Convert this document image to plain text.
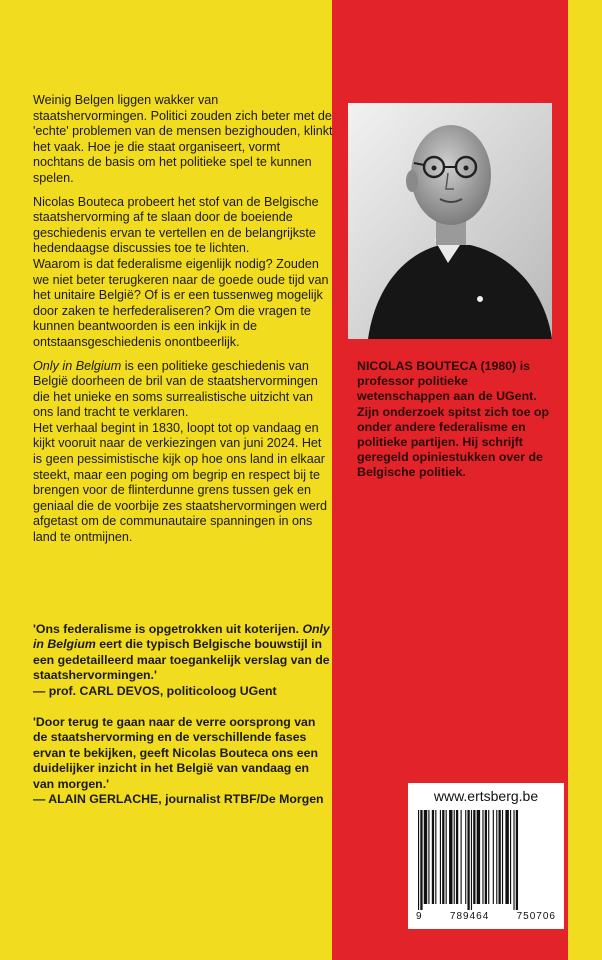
Weinig Belgen liggen wakker van staatshervormingen. Politici zouden zich beter met de 'echte' problemen van de mensen bezighouden, klinkt het vaak. Hoe je die staat organiseert, vormt nochtans de basis om het politieke spel te kunnen spelen.

Nicolas Bouteca probeert het stof van de Belgische staatshervorming af te slaan door de boeiende geschiedenis ervan te vertellen en de belangrijkste hedendaagse discussies toe te lichten.

Waarom is dat federalisme eigenlijk nodig? Zouden we niet beter terugkeren naar de goede oude tijd van het unitaire België? Of is er een tussenweg mogelijk door zaken te herfederaliseren? Om die vragen te kunnen beantwoorden is een inkijk in de ontstaansgeschiedenis onontbeerlijk.

Only in Belgium is een politieke geschiedenis van België doorheen de bril van de staatshervormingen die het unieke en soms surrealistische uitzicht van ons land tracht te verklaren.

Het verhaal begint in 1830, loopt tot op vandaag en kijkt vooruit naar de verkiezingen van juni 2024. Het is geen pessimistische kijk op hoe ons land in elkaar steekt, maar een poging om begrip en respect bij te brengen voor de flinterdunne grens tussen gek en geniaal die de voorbije zes staatshervormingen werd afgetast om de communautaire spanningen in ons land te ontmijnen.

'Ons federalisme is opgetrokken uit koterijen. Only in Belgium eert die typisch Belgische bouwstijl in een gedetailleerd maar toegankelijk verslag van de staatshervormingen.'
— prof. CARL DEVOS, politicoloog UGent

'Door terug te gaan naar de verre oorsprong van de staatshervorming en de verschillende fases ervan te bekijken, geeft Nicolas Bouteca ons een duidelijker inzicht in het België van vandaag en van morgen.'
— ALAIN GERLACHE, journalist RTBF/De Morgen

NICOLAS BOUTECA (1980) is professor politieke wetenschappen aan de UGent. Zijn onderzoek spitst zich toe op onder andere federalisme en politieke partijen. Hij schrijft geregeld opiniestukken over de Belgische politiek.
www.ertsberg.be
9	789464	750706
